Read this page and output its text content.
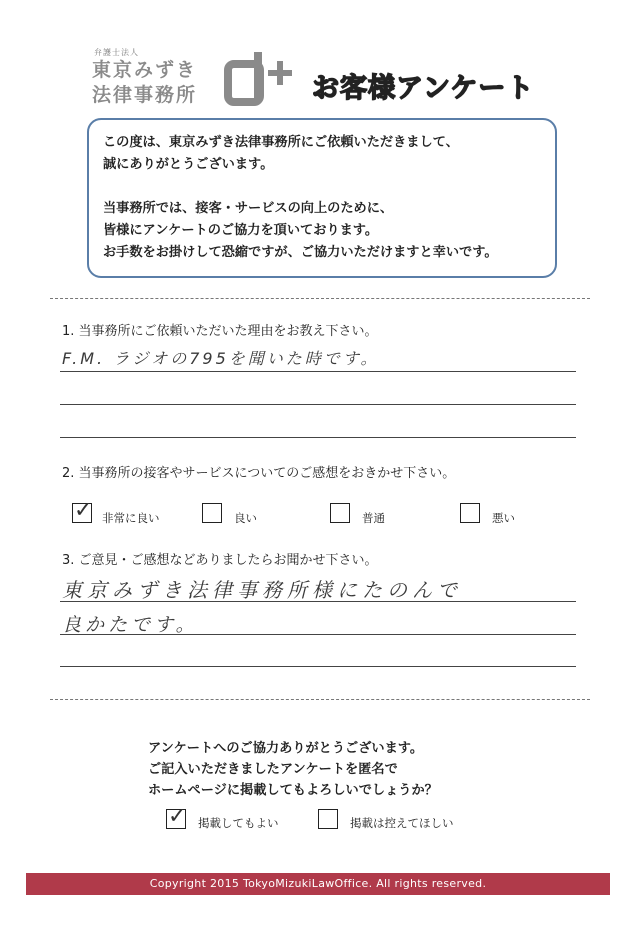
弁護士法人
東京みずき
法律事務所	お客様アンケート

この度は、東京みずき法律事務所にご依頼いただきまして、

誠にありがとうございます。

当事務所では、接客・サービスの向上のために、

皆様にアンケートのご協力を頂いております。

お手数をお掛けして恐縮ですが、ご協力いただけますと幸いです。

1. 当事務所にご依頼いただいた理由をお教え下さい。
F.M. ラジオの795を聞いた時です。
2. 当事務所の接客やサービスについてのご感想をおきかせ下さい。
✓ 非常に良い	良い	普通	悪い
3. ご意見・ご感想などありましたらお聞かせ下さい。
東京みずき法律事務所様にたのんで
良かたです。

アンケートへのご協力ありがとうございます。

ご記入いただきましたアンケートを匿名で

ホームページに掲載してもよろしいでしょうか？

✓ 掲載してもよい	掲載は控えてほしい
Copyright 2015 TokyoMizukiLawOffice. All rights reserved.
